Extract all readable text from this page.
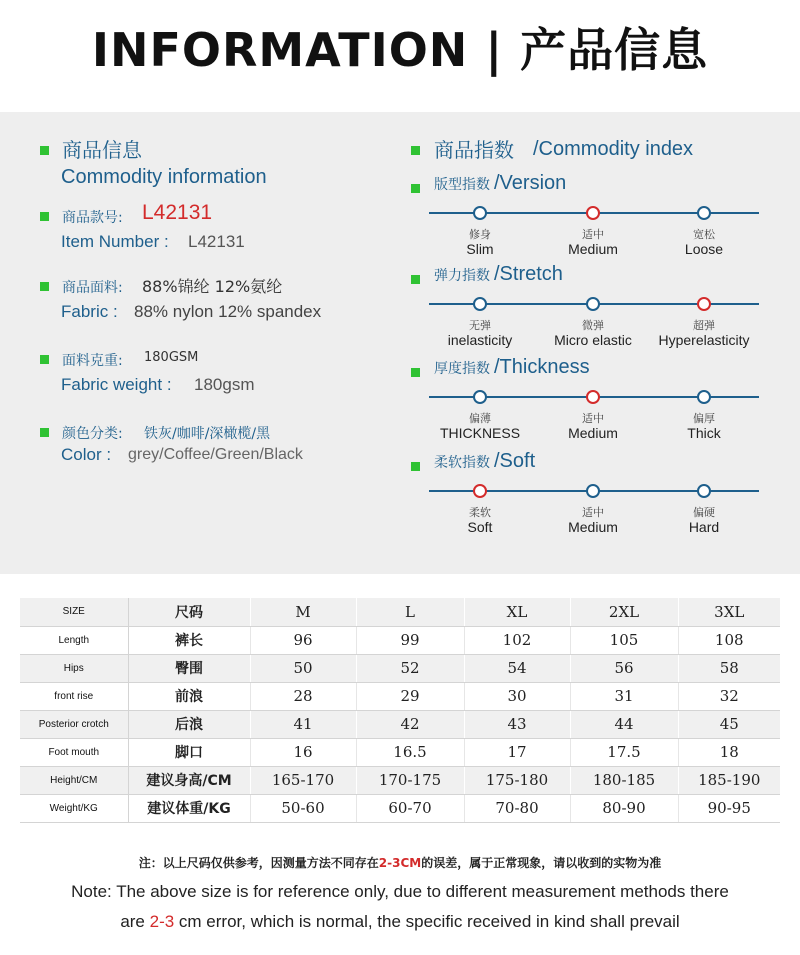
INFORMATION | 产品信息
商品信息
Commodity information
商品款号: L42131
Item Number : L42131
商品面料: 88%锦纶 12%氨纶
Fabric : 88% nylon 12% spandex
面料克重: 180GSM
Fabric weight : 180gsm
颜色分类: 铁灰/咖啡/深橄榄/黑
Color : grey/Coffee/Green/Black
商品指数 /Commodity index
版型指数 /Version
修身
Slim
适中
Medium
宽松
Loose
弹力指数 /Stretch
无弹
inelasticity
微弹
Micro elastic
超弹
Hyperelasticity
厚度指数 /Thickness
偏薄
THICKNESS
适中
Medium
偏厚
Thick
柔软指数 /Soft
柔软
Soft
适中
Medium
偏硬
Hard
SIZE	尺码	M	L	XL	2XL	3XL
Length	裤长	96	99	102	105	108
Hips	臀围	50	52	54	56	58
front rise	前浪	28	29	30	31	32
Posterior crotch	后浪	41	42	43	44	45
Foot mouth	脚口	16	16.5	17	17.5	18
Height/CM	建议身高/CM	165-170	170-175	175-180	180-185	185-190
Weight/KG	建议体重/KG	50-60	60-70	70-80	80-90	90-95
注：以上尺码仅供参考，因测量方法不同存在2-3CM的误差，属于正常现象，请以收到的实物为准
Note: The above size is for reference only, due to different measurement methods there
are 2-3 cm error, which is normal, the specific received in kind shall prevail
